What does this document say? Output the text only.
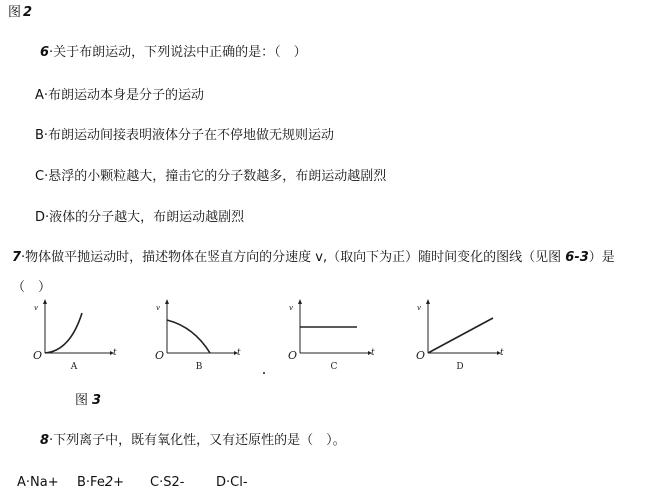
图 2
6·关于布朗运动，下列说法中正确的是：（　）
A·布朗运动本身是分子的运动
B·布朗运动间接表明液体分子在不停地做无规则运动
C·悬浮的小颗粒越大，撞击它的分子数越多，布朗运动越剧烈
D·液体的分子越大，布朗运动越剧烈
7·物体做平抛运动时，描述物体在竖直方向的分速度 v,（取向下为正）随时间变化的图线（见图 6-3）是
（　）
v
O	t
A
v
O	t
B
v
O	t
C
v
O	t
D
图 3
8·下列离子中，既有氧化性，又有还原性的是（　）。
A·Na+ B·Fe2+ C·S2- D·Cl-
